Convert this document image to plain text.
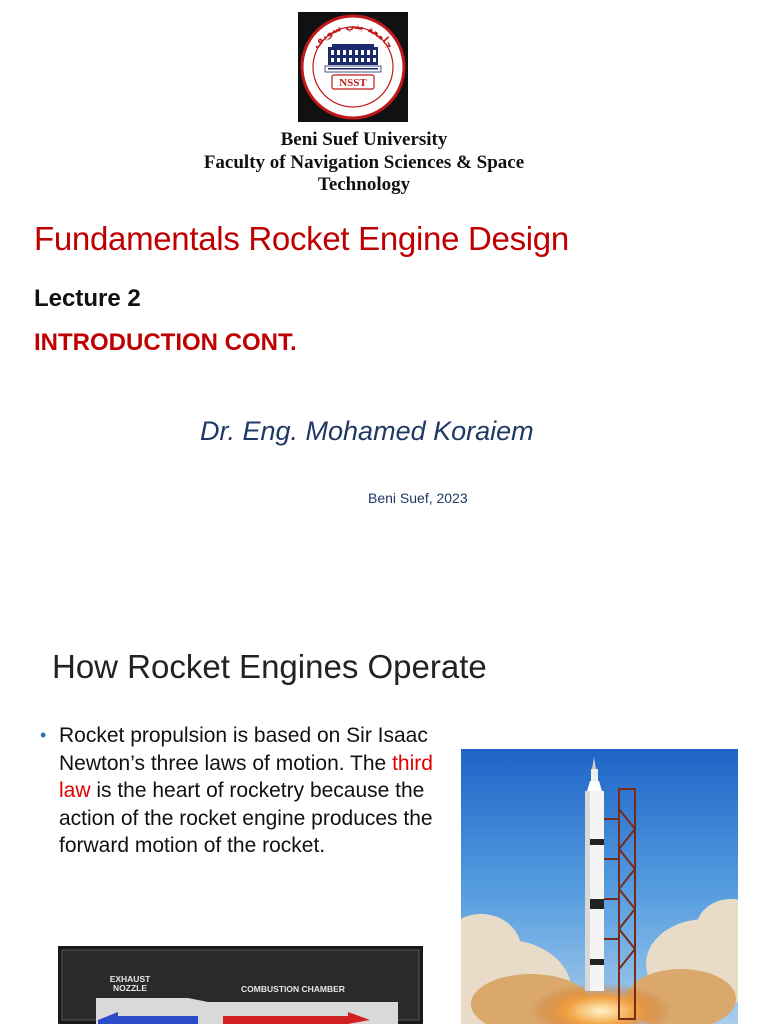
جامعة بني سويف
NSST
Beni Suef University
Faculty of Navigation Sciences & Space
Technology
Fundamentals Rocket Engine Design
Lecture 2
INTRODUCTION CONT.
Dr. Eng. Mohamed Koraiem
Beni Suef, 2023
How Rocket Engines Operate
• Rocket propulsion is based on Sir Isaac Newton’s three laws of motion. The third law is the heart of rocketry because the action of the rocket engine produces the forward motion of the rocket.
EXHAUST
NOZZLE	COMBUSTION CHAMBER
